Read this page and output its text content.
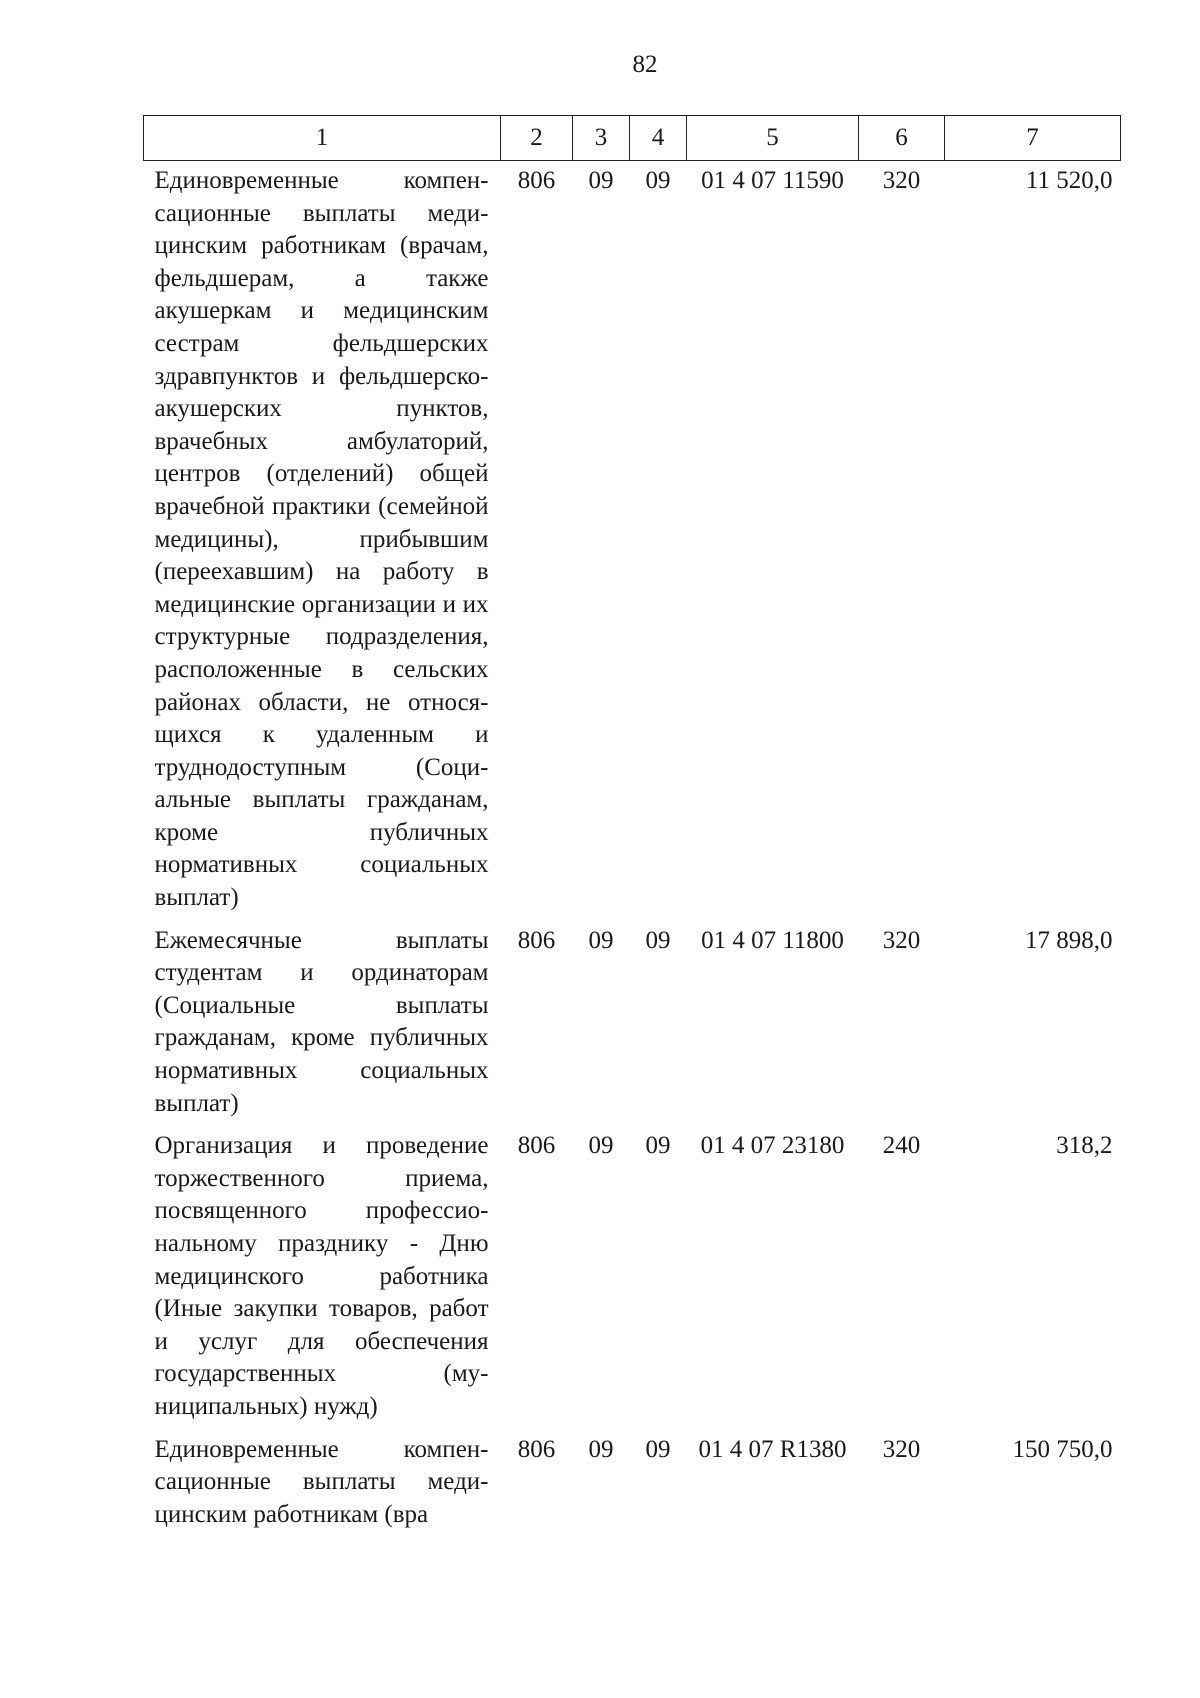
82
1	2	3	4	5	6	7
Единовременные компенсационные выплаты медицинским работникам (врачам, фельдшерам, а также акушеркам и медицинским сестрам фельдшерских здравпунктов и фельдшерско-акушерских пунктов, врачебных амбулаторий, центров (отделений) общей врачебной практики (семейной медицины), прибывшим (переехавшим) на работу в медицинские организации и их структурные подразделения, расположенные в сельских районах области, не относящихся к удаленным и труднодоступным (Социальные выплаты гражданам, кроме публичных нормативных социальных выплат)	806	09	09	01 4 07 11590	320	11 520,0
Ежемесячные выплаты студентам и ординаторам (Социальные выплаты гражданам, кроме публичных нормативных социальных выплат)	806	09	09	01 4 07 11800	320	17 898,0
Организация и проведение торжественного приема, посвященного профессиональному празднику - Дню медицинского работника (Иные закупки товаров, работ и услуг для обеспечения государственных (муниципальных) нужд)	806	09	09	01 4 07 23180	240	318,2
Единовременные компенсационные выплаты медицинским работникам (вра	806	09	09	01 4 07 R1380	320	150 750,0
